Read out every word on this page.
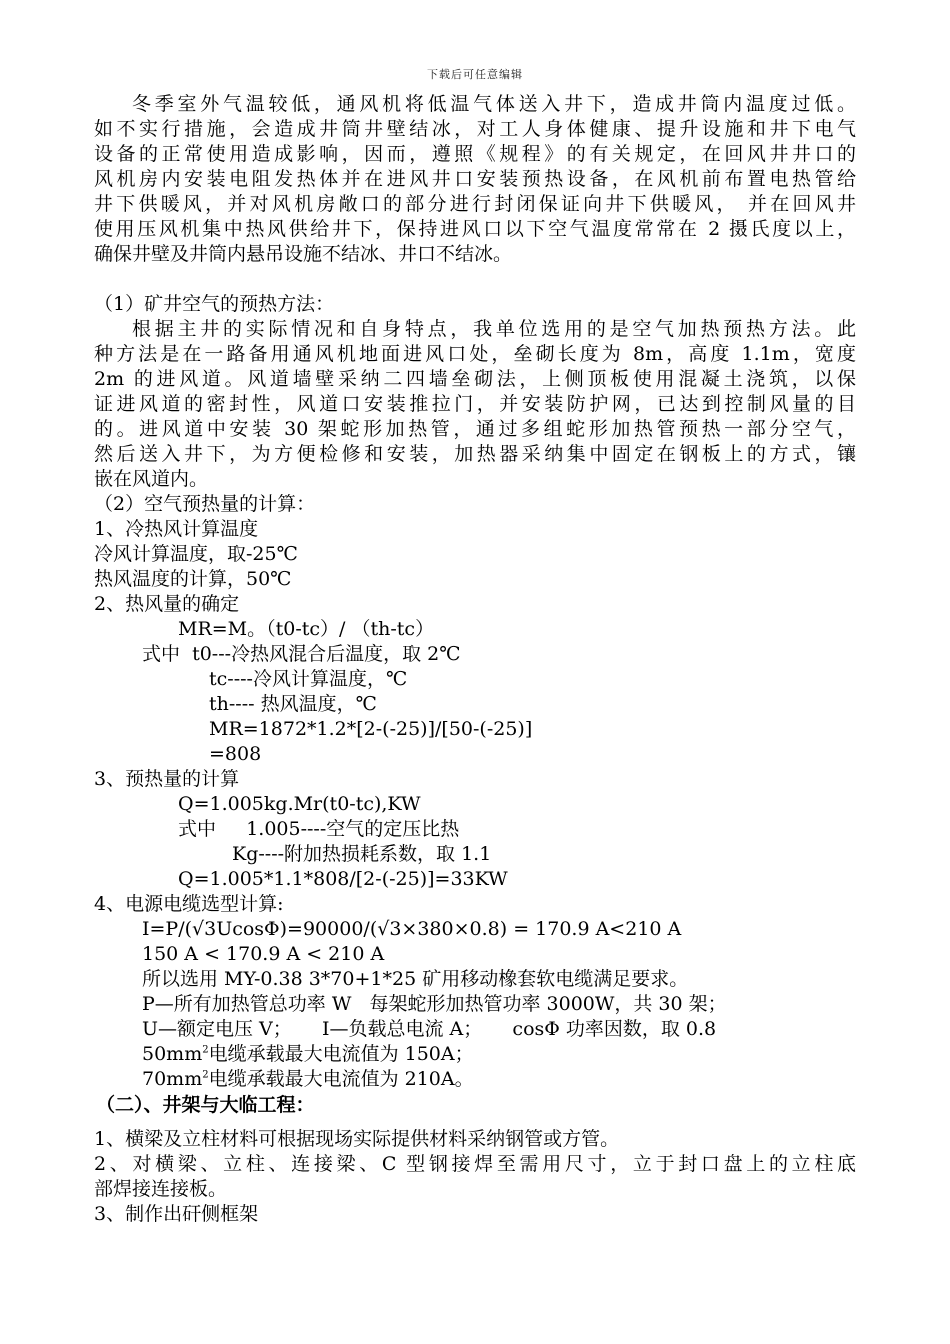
下载后可任意编辑
冬季室外气温较低，通风机将低温气体送入井下，造成井筒内温度过低。
如不实行措施，会造成井筒井壁结冰，对工人身体健康、提升设施和井下电气
设备的正常使用造成影响，因而，遵照《规程》的有关规定，在回风井井口的
风机房内安装电阻发热体并在进风井口安装预热设备，在风机前布置电热管给
井下供暖风，并对风机房敞口的部分进行封闭保证向井下供暖风， 并在回风井
使用压风机集中热风供给井下，保持进风口以下空气温度常常在 2 摄氏度以上，
确保井壁及井筒内悬吊设施不结冰、井口不结冰。
（1）矿井空气的预热方法：
根据主井的实际情况和自身特点，我单位选用的是空气加热预热方法。此
种方法是在一路备用通风机地面进风口处，垒砌长度为 8m，高度 1.1m，宽度
2m 的进风道。风道墙壁采纳二四墙垒砌法，上侧顶板使用混凝土浇筑，以保
证进风道的密封性，风道口安装推拉门，并安装防护网，已达到控制风量的目
的。进风道中安装 30 架蛇形加热管，通过多组蛇形加热管预热一部分空气，
然后送入井下，为方便检修和安装，加热器采纳集中固定在钢板上的方式，镶
嵌在风道内。
（2）空气预热量的计算：
1、冷热风计算温度
冷风计算温度，取-25℃
热风温度的计算，50℃
2、热风量的确定
MR=M。（t0-tc）/ （th-tc）
式中  t0---冷热风混合后温度，取 2℃
tc----冷风计算温度，℃
th---- 热风温度，℃
MR=1872*1.2*[2-(-25)]/[50-(-25)]
=808
3、预热量的计算
Q=1.005kg.Mr(t0-tc),KW
式中     1.005----空气的定压比热
Kg----附加热损耗系数，取 1.1
Q=1.005*1.1*808/[2-(-25)]=33KW
4、电源电缆选型计算:
I=P/(√3UcosΦ)=90000/(√3×380×0.8) = 170.9 A<210 A
150 A < 170.9 A < 210 A
所以选用 MY-0.38 3*70+1*25 矿用移动橡套软电缆满足要求。
P—所有加热管总功率 W   每架蛇形加热管功率 3000W，共 30 架；
U—额定电压 V；     I—负载总电流 A；     cosΦ 功率因数，取 0.8
$50mm^2$电缆承载最大电流值为 150A；
$70mm^2$电缆承载最大电流值为 210A。
（二）、井架与大临工程：
1、横梁及立柱材料可根据现场实际提供材料采纳钢管或方管。
2、对横梁、立柱、连接梁、C 型钢接焊至需用尺寸，立于封口盘上的立柱底
部焊接连接板。
3、制作出矸侧框架
